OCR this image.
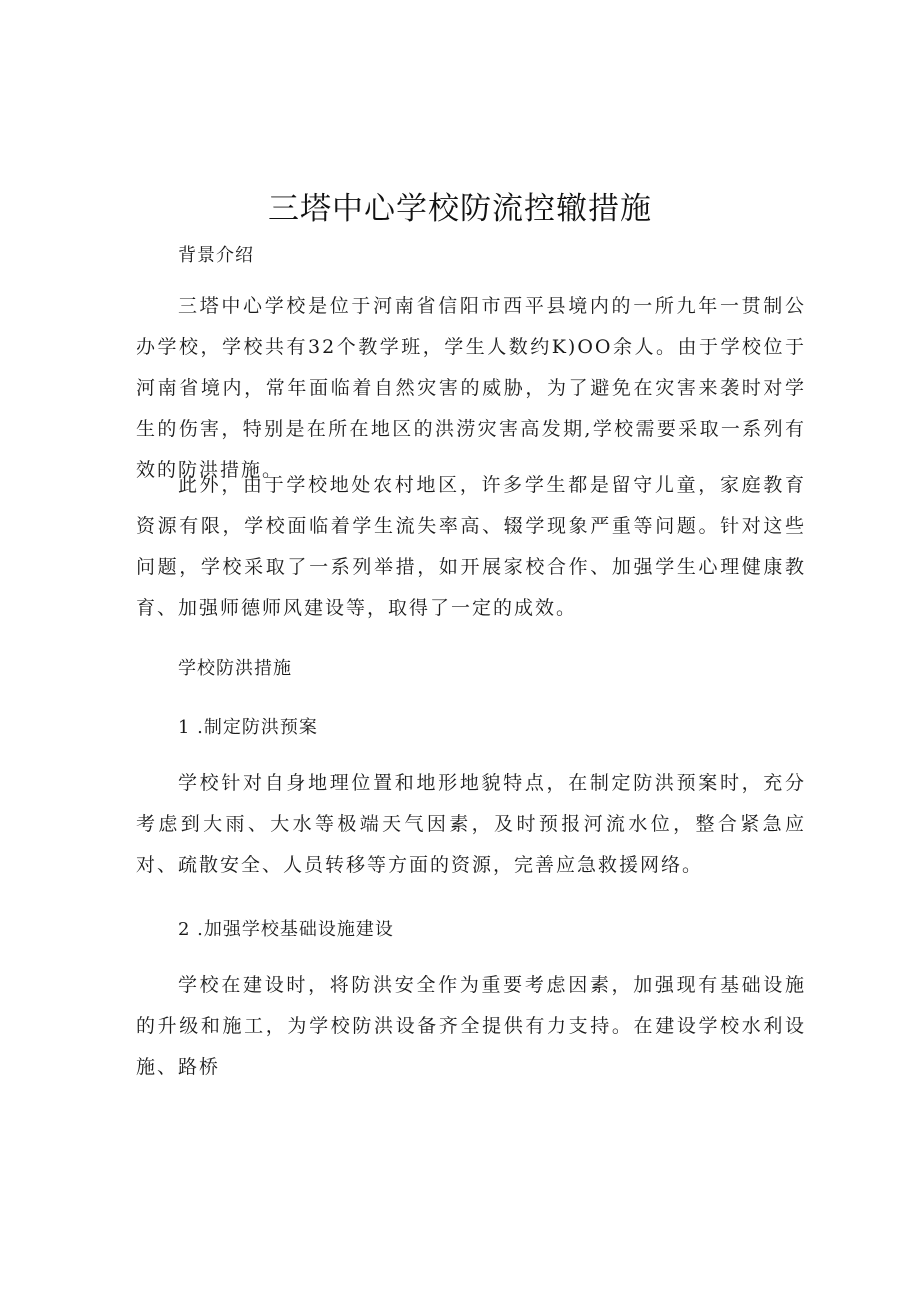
三塔中心学校防流控辙措施

背景介绍

三塔中心学校是位于河南省信阳市西平县境内的一所九年一贯制公办学校，学校共有32个教学班，学生人数约K)OO余人。由于学校位于河南省境内，常年面临着自然灾害的威胁，为了避免在灾害来袭时对学生的伤害，特别是在所在地区的洪涝灾害高发期,学校需要采取一系列有效的防洪措施。

此外，由于学校地处农村地区，许多学生都是留守儿童，家庭教育资源有限，学校面临着学生流失率高、辍学现象严重等问题。针对这些问题，学校采取了一系列举措，如开展家校合作、加强学生心理健康教育、加强师德师风建设等，取得了一定的成效。

学校防洪措施

1 .制定防洪预案

学校针对自身地理位置和地形地貌特点，在制定防洪预案时，充分考虑到大雨、大水等极端天气因素，及时预报河流水位，整合紧急应对、疏散安全、人员转移等方面的资源，完善应急救援网络。

2 .加强学校基础设施建设

学校在建设时，将防洪安全作为重要考虑因素，加强现有基础设施的升级和施工，为学校防洪设备齐全提供有力支持。在建设学校水利设施、路桥
